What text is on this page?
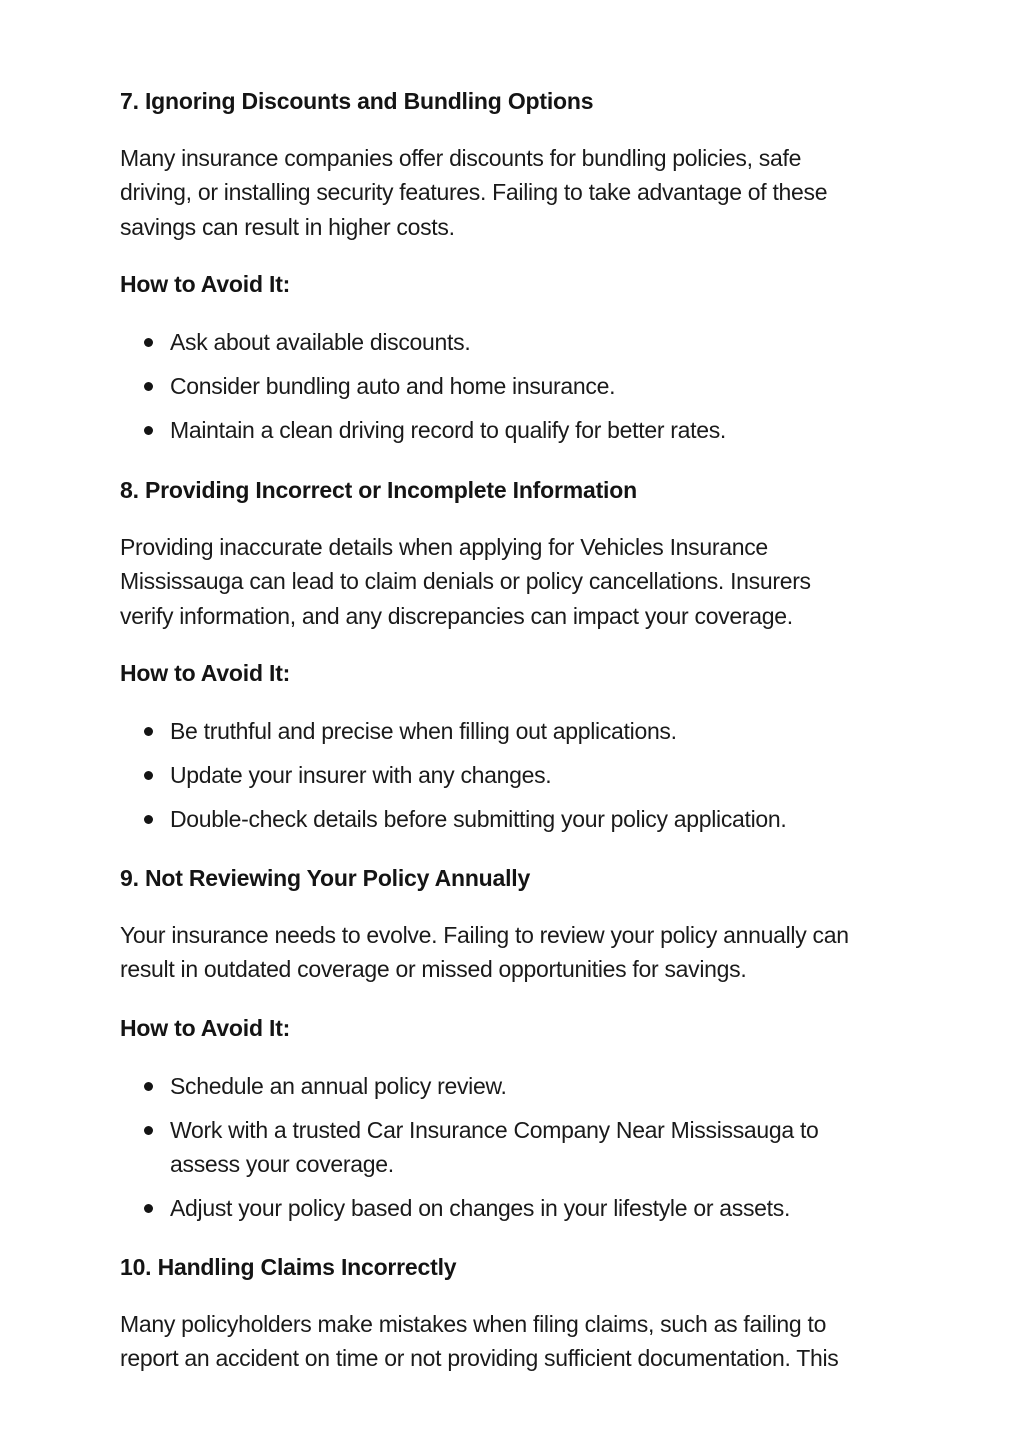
7. Ignoring Discounts and Bundling Options

Many insurance companies offer discounts for bundling policies, safe
driving, or installing security features. Failing to take advantage of these
savings can result in higher costs.

How to Avoid It:

Ask about available discounts.
Consider bundling auto and home insurance.
Maintain a clean driving record to qualify for better rates.
8. Providing Incorrect or Incomplete Information

Providing inaccurate details when applying for Vehicles Insurance
Mississauga can lead to claim denials or policy cancellations. Insurers
verify information, and any discrepancies can impact your coverage.

How to Avoid It:

Be truthful and precise when filling out applications.
Update your insurer with any changes.
Double-check details before submitting your policy application.
9. Not Reviewing Your Policy Annually

Your insurance needs to evolve. Failing to review your policy annually can
result in outdated coverage or missed opportunities for savings.

How to Avoid It:

Schedule an annual policy review.
Work with a trusted Car Insurance Company Near Mississauga to
assess your coverage.
Adjust your policy based on changes in your lifestyle or assets.
10. Handling Claims Incorrectly

Many policyholders make mistakes when filing claims, such as failing to
report an accident on time or not providing sufficient documentation. This
